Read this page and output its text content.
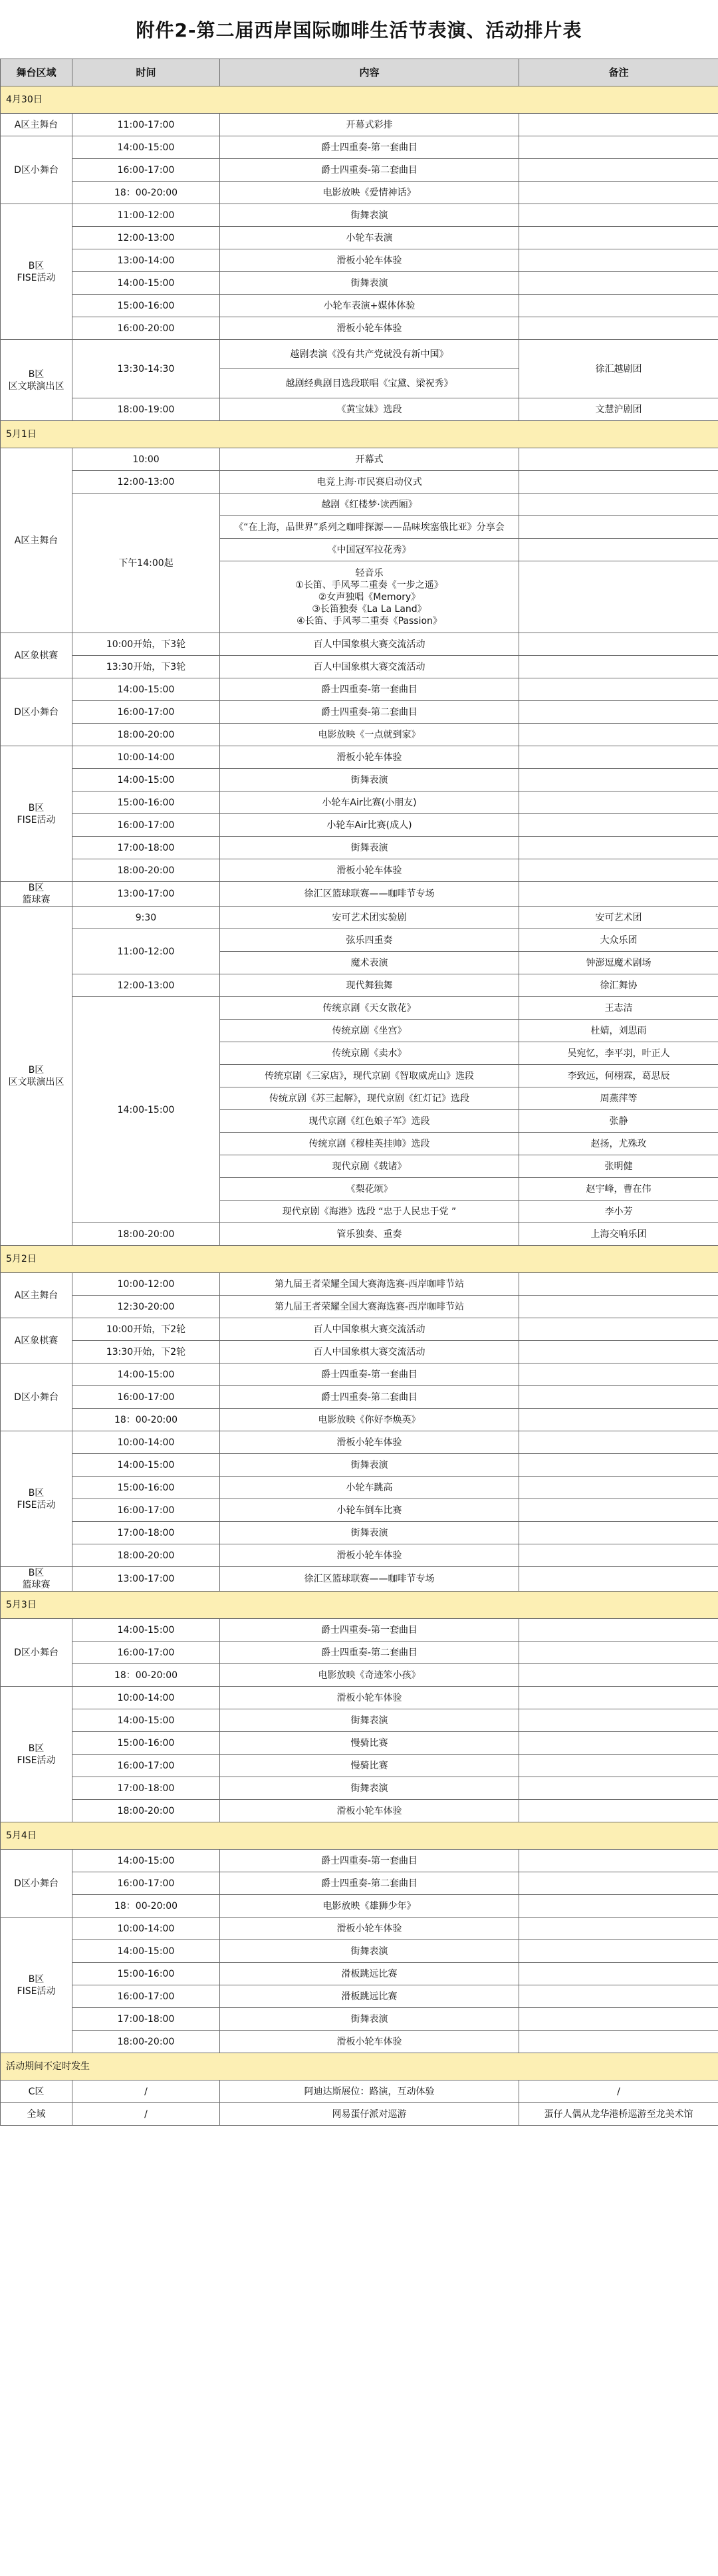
附件2-第二届西岸国际咖啡生活节表演、活动排片表
舞台区域	时间	内容	备注
4月30日			
A区主舞台	11:00-17:00	开幕式彩排	
D区小舞台	14:00-15:00	爵士四重奏-第一套曲目	
	16:00-17:00	爵士四重奏-第二套曲目	
	18：00-20:00	电影放映《爱情神话》	
B区
FISE活动	11:00-12:00	街舞表演	
	12:00-13:00	小轮车表演	
	13:00-14:00	滑板小轮车体验	
	14:00-15:00	街舞表演	
	15:00-16:00	小轮车表演+媒体体验	
	16:00-20:00	滑板小轮车体验	
B区
区文联演出区	13:30-14:30	越剧表演《没有共产党就没有新中国》	徐汇越剧团
		越剧经典剧目选段联唱《宝黛、梁祝秀》	
	18:00-19:00	《黄宝妹》选段	文慧沪剧团
5月1日			
A区主舞台	10:00	开幕式	
	12:00-13:00	电竞上海·市民赛启动仪式	
	下午14:00起	越剧《红楼梦·读西厢》	
		《“在上海，品世界”系列之咖啡探源——品味埃塞俄比亚》分享会	
		《中国冠军拉花秀》	
		轻音乐
①长笛、手风琴二重奏《一步之遥》
②女声独唱《Memory》
③长笛独奏《La La Land》
④长笛、手风琴二重奏《Passion》	
A区象棋赛	10:00开始，下3轮	百人中国象棋大赛交流活动	
	13:30开始，下3轮	百人中国象棋大赛交流活动	
D区小舞台	14:00-15:00	爵士四重奏-第一套曲目	
	16:00-17:00	爵士四重奏-第二套曲目	
	18:00-20:00	电影放映《一点就到家》	
B区
FISE活动	10:00-14:00	滑板小轮车体验	
	14:00-15:00	街舞表演	
	15:00-16:00	小轮车Air比赛(小朋友)	
	16:00-17:00	小轮车Air比赛(成人)	
	17:00-18:00	街舞表演	
	18:00-20:00	滑板小轮车体验	
B区
篮球赛	13:00-17:00	徐汇区篮球联赛——咖啡节专场	
B区
区文联演出区	9:30	安可艺术团实验剧	安可艺术团
	11:00-12:00	弦乐四重奏	大众乐团
		魔术表演	钟澎逗魔术剧场
	12:00-13:00	现代舞独舞	徐汇舞协
	14:00-15:00	传统京剧《天女散花》	王志洁
		传统京剧《坐宫》	杜婧，刘思雨
		传统京剧《卖水》	吴宛忆，李平羽，叶正人
		传统京剧《三家店》，现代京剧《智取威虎山》选段	李致远，何栩霖，葛思辰
		传统京剧《苏三起解》，现代京剧《红灯记》选段	周燕萍等
		现代京剧《红色娘子军》选段	张静
		传统京剧《穆桂英挂帅》选段	赵扬，尤殊玫
		现代京剧《载诸》	张明健
		《梨花颂》	赵宇峰，曹在伟
		现代京剧《海港》选段 “忠于人民忠于党 ”	李小芳
	18:00-20:00	管乐独奏、重奏	上海交响乐团
5月2日			
A区主舞台	10:00-12:00	第九届王者荣耀全国大赛海选赛-西岸咖啡节站	
	12:30-20:00	第九届王者荣耀全国大赛海选赛-西岸咖啡节站	
A区象棋赛	10:00开始，下2轮	百人中国象棋大赛交流活动	
	13:30开始，下2轮	百人中国象棋大赛交流活动	
D区小舞台	14:00-15:00	爵士四重奏-第一套曲目	
	16:00-17:00	爵士四重奏-第二套曲目	
	18：00-20:00	电影放映《你好李焕英》	
B区
FISE活动	10:00-14:00	滑板小轮车体验	
	14:00-15:00	街舞表演	
	15:00-16:00	小轮车跳高	
	16:00-17:00	小轮车倒车比赛	
	17:00-18:00	街舞表演	
	18:00-20:00	滑板小轮车体验	
B区
篮球赛	13:00-17:00	徐汇区篮球联赛——咖啡节专场	
5月3日			
D区小舞台	14:00-15:00	爵士四重奏-第一套曲目	
	16:00-17:00	爵士四重奏-第二套曲目	
	18：00-20:00	电影放映《奇迹笨小孩》	
B区
FISE活动	10:00-14:00	滑板小轮车体验	
	14:00-15:00	街舞表演	
	15:00-16:00	慢骑比赛	
	16:00-17:00	慢骑比赛	
	17:00-18:00	街舞表演	
	18:00-20:00	滑板小轮车体验	
5月4日			
D区小舞台	14:00-15:00	爵士四重奏-第一套曲目	
	16:00-17:00	爵士四重奏-第二套曲目	
	18：00-20:00	电影放映《雄狮少年》	
B区
FISE活动	10:00-14:00	滑板小轮车体验	
	14:00-15:00	街舞表演	
	15:00-16:00	滑板跳远比赛	
	16:00-17:00	滑板跳远比赛	
	17:00-18:00	街舞表演	
	18:00-20:00	滑板小轮车体验	
活动期间不定时发生			
C区	/	阿迪达斯展位：路演，互动体验	/
全域	/	网易蛋仔派对巡游	蛋仔人偶从龙华港桥巡游至龙美术馆
